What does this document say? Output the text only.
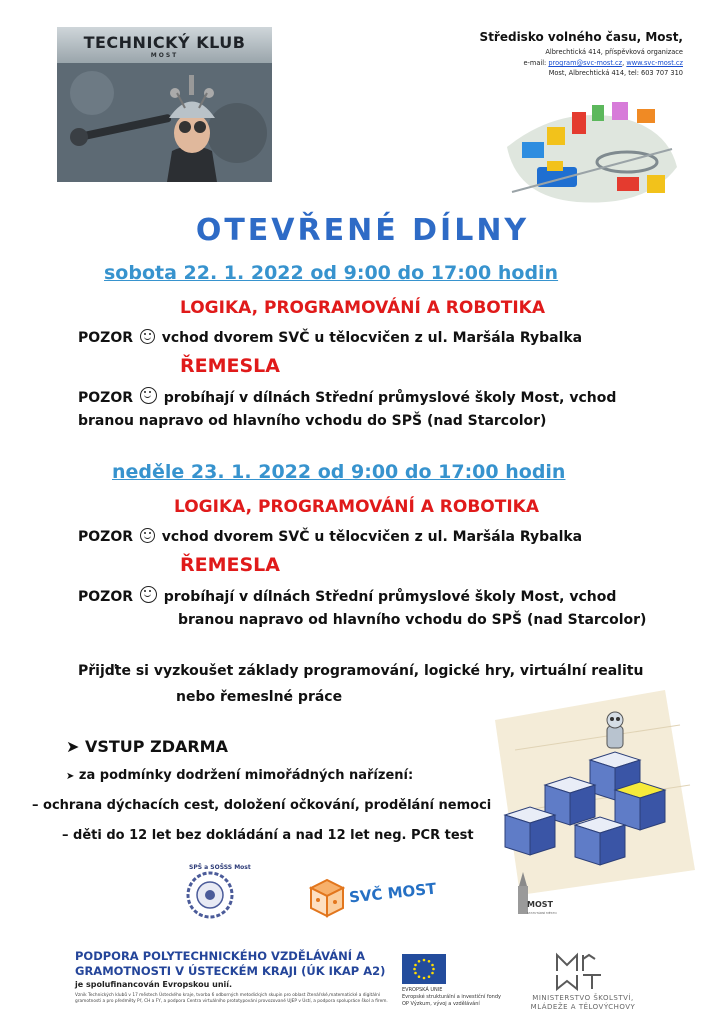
TECHNICKÝ KLUB
MOST
Středisko volného času, Most,
Albrechtická 414, příspěvková organizace
e-mail: program@svc-most.cz, www.svc-most.cz
Most, Albrechtická 414, tel: 603 707 310
OTEVŘENÉ DÍLNY
sobota 22. 1. 2022 od 9:00 do 17:00 hodin
LOGIKA, PROGRAMOVÁNÍ A ROBOTIKA
POZOR vchod dvorem SVČ u tělocvičen z ul. Maršála Rybalka
ŘEMESLA
POZOR probíhají v dílnách Střední průmyslové školy Most, vchod
branou napravo od hlavního vchodu do SPŠ (nad Starcolor)
neděle 23. 1. 2022 od 9:00 do 17:00 hodin
LOGIKA, PROGRAMOVÁNÍ A ROBOTIKA
POZOR vchod dvorem SVČ u tělocvičen z ul. Maršála Rybalka
ŘEMESLA
POZOR probíhají v dílnách Střední průmyslové školy Most, vchod
branou napravo od hlavního vchodu do SPŠ (nad Starcolor)
Přijďte si vyzkoušet základy programování, logické hry, virtuální realitu
nebo řemeslné práce
➤ VSTUP ZDARMA
➤ za podmínky dodržení mimořádných nařízení:
– ochrana dýchacích cest, doložení očkování, prodělání nemoci
– děti do 12 let bez dokládání a nad 12 let neg. PCR test
SPŠ a SOŠSS Most
SVČ MOST	MOST
STATUTÁRNÍ MĚSTO
PODPORA POLYTECHNICKÉHO VZDĚLÁVÁNÍ A
GRAMOTNOSTI V ÚSTECKÉM KRAJI (ÚK IKAP A2)
je spolufinancován Evropskou unií.
Vznik Technických klubů v 17 městech Ústeckého kraje, tvorba 6 odborných metodických skupin pro oblast čtenářské,matematické a digitální gramotnosti a pro předměty Př, CH a FY, a podpora Centra virtuálního prototypování provozované UJEP v Ústí, a podpora spolupráce škol a firem.
EVROPSKÁ UNIE
Evropské strukturální a investiční fondy
OP Výzkum, vývoj a vzdělávání
MINISTERSTVO ŠKOLSTVÍ,
MLÁDEŽE A TĚLOVÝCHOVY
